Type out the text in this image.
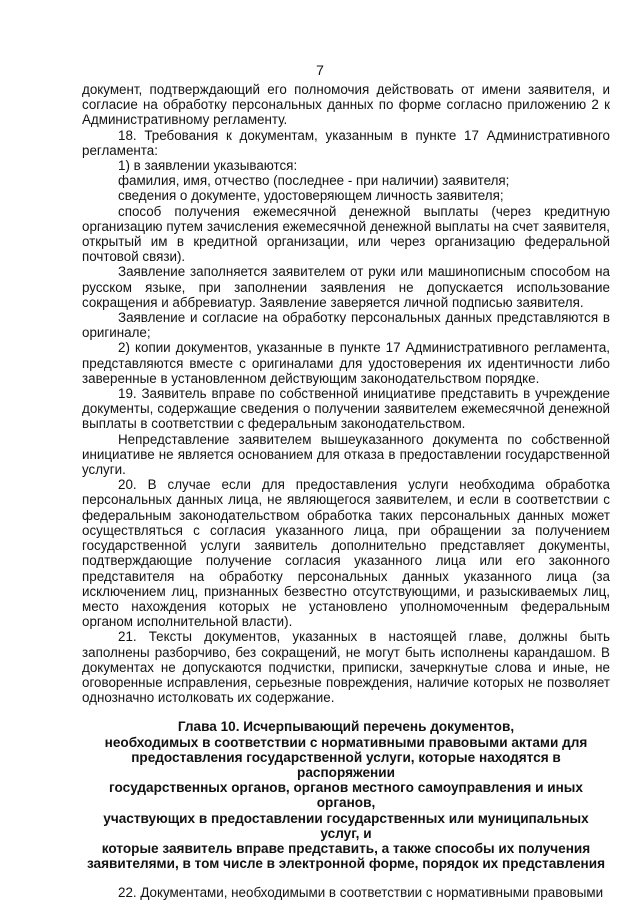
7

документ, подтверждающий его полномочия действовать от имени заявителя, и согласие на обработку персональных данных по форме согласно приложению 2 к Административному регламенту.

18. Требования к документам, указанным в пункте 17 Административного регламента:

1) в заявлении указываются:

фамилия, имя, отчество (последнее - при наличии) заявителя;

сведения о документе, удостоверяющем личность заявителя;

способ получения ежемесячной денежной выплаты (через кредитную организацию путем зачисления ежемесячной денежной выплаты на счет заявителя, открытый им в кредитной организации, или через организацию федеральной почтовой связи).

Заявление заполняется заявителем от руки или машинописным способом на русском языке, при заполнении заявления не допускается использование сокращения и аббревиатур. Заявление заверяется личной подписью заявителя.

Заявление и согласие на обработку персональных данных представляются в оригинале;

2) копии документов, указанные в пункте 17 Административного регламента, представляются вместе с оригиналами для удостоверения их идентичности либо заверенные в установленном действующим законодательством порядке.

19. Заявитель вправе по собственной инициативе представить в учреждение документы, содержащие сведения о получении заявителем ежемесячной денежной выплаты в соответствии с федеральным законодательством.

Непредставление заявителем вышеуказанного документа по собственной инициативе не является основанием для отказа в предоставлении государственной услуги.

20. В случае если для предоставления услуги необходима обработка персональных данных лица, не являющегося заявителем, и если в соответствии с федеральным законодательством обработка таких персональных данных может осуществляться с согласия указанного лица, при обращении за получением государственной услуги заявитель дополнительно представляет документы, подтверждающие получение согласия указанного лица или его законного представителя на обработку персональных данных указанного лица (за исключением лиц, признанных безвестно отсутствующими, и разыскиваемых лиц, место нахождения которых не установлено уполномоченным федеральным органом исполнительной власти).

21. Тексты документов, указанных в настоящей главе, должны быть заполнены разборчиво, без сокращений, не могут быть исполнены карандашом. В документах не допускаются подчистки, приписки, зачеркнутые слова и иные, не оговоренные исправления, серьезные повреждения, наличие которых не позволяет однозначно истолковать их содержание.

Глава 10. Исчерпывающий перечень документов,
необходимых в соответствии с нормативными правовыми актами для
предоставления государственной услуги, которые находятся в распоряжении
государственных органов, органов местного самоуправления и иных органов,
участвующих в предоставлении государственных или муниципальных услуг, и
которые заявитель вправе представить, а также способы их получения
заявителями, в том числе в электронной форме, порядок их представления

22. Документами, необходимыми в соответствии с нормативными правовыми
